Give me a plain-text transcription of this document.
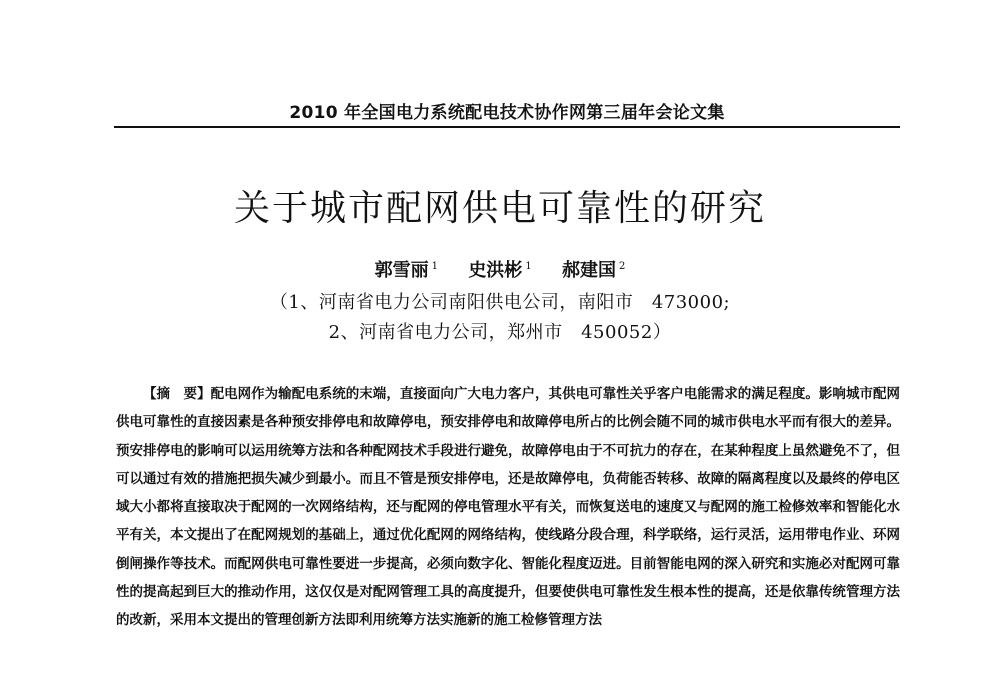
2010 年全国电力系统配电技术协作网第三届年会论文集
关于城市配网供电可靠性的研究
郭雪丽 $^1$ 史洪彬 $^1$ 郝建国 $^2$
（1、河南省电力公司南阳供电公司，南阳市　473000;
2、河南省电力公司，郑州市　450052）

【摘　要】配电网作为输配电系统的末端，直接面向广大电力客户，其供电可靠性关乎客户电能需求的满足程度。影响城市配网供电可靠性的直接因素是各种预安排停电和故障停电，预安排停电和故障停电所占的比例会随不同的城市供电水平而有很大的差异。预安排停电的影响可以运用统筹方法和各种配网技术手段进行避免，故障停电由于不可抗力的存在，在某种程度上虽然避免不了，但可以通过有效的措施把损失减少到最小。而且不管是预安排停电，还是故障停电，负荷能否转移、故障的隔离程度以及最终的停电区域大小都将直接取决于配网的一次网络结构，还与配网的停电管理水平有关，而恢复送电的速度又与配网的施工检修效率和智能化水平有关，本文提出了在配网规划的基础上，通过优化配网的网络结构，使线路分段合理，科学联络，运行灵活，运用带电作业、环网倒闸操作等技术。而配网供电可靠性要进一步提高，必须向数字化、智能化程度迈进。目前智能电网的深入研究和实施必对配网可靠性的提高起到巨大的推动作用，这仅仅是对配网管理工具的高度提升，但要使供电可靠性发生根本性的提高，还是依靠传统管理方法的改新，采用本文提出的管理创新方法即利用统筹方法实施新的施工检修管理方法
